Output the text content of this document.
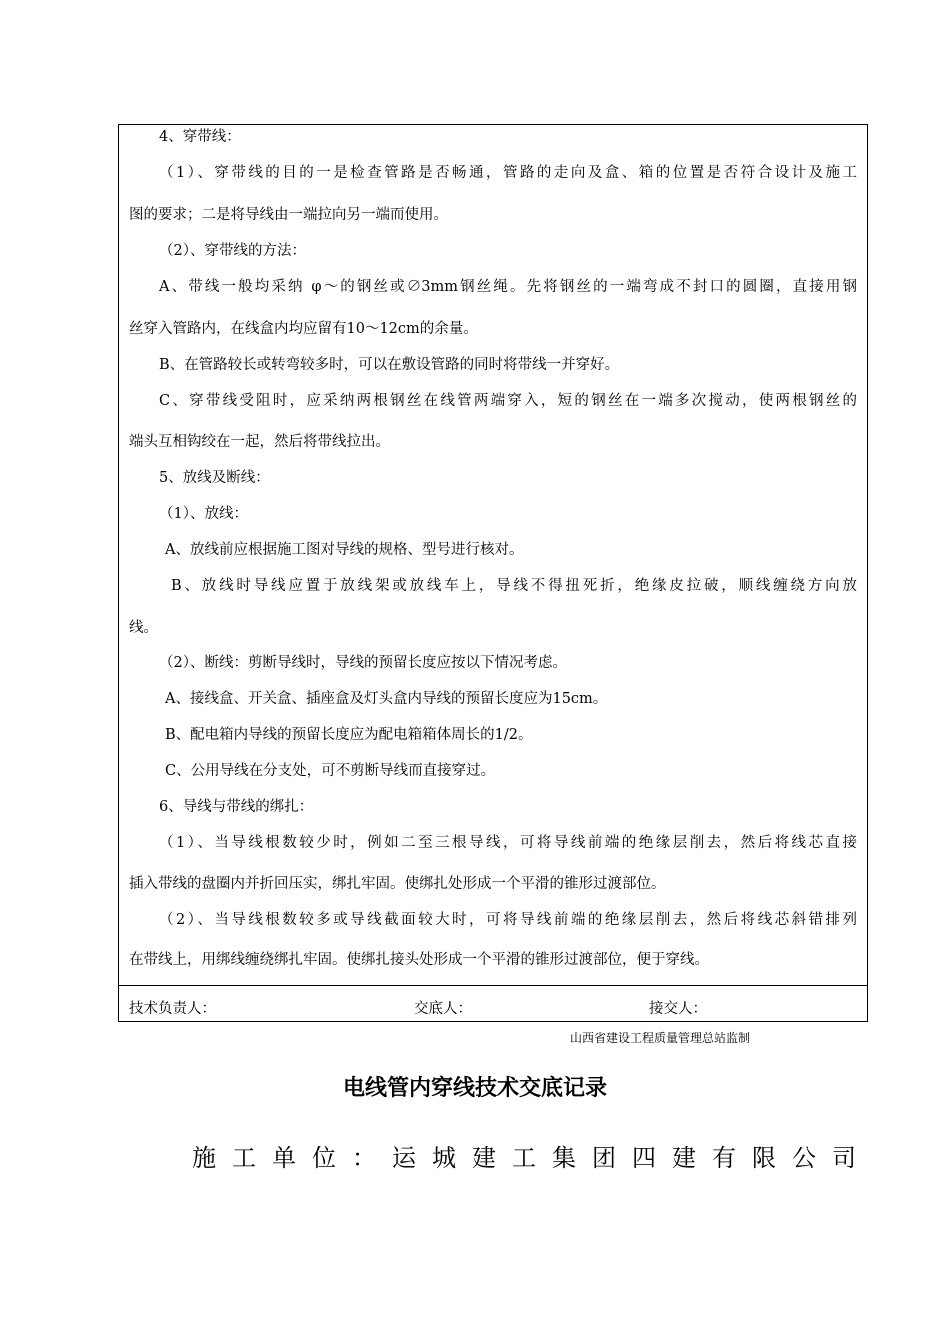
4、穿带线：
（1）、穿带线的目的一是检查管路是否畅通，管路的走向及盒、箱的位置是否符合设计及施工
图的要求；二是将导线由一端拉向另一端而使用。
（2）、穿带线的方法：
A、带线一般均采纳 φ～的钢丝或∅3mm钢丝绳。先将钢丝的一端弯成不封口的圆圈，直接用钢
丝穿入管路内，在线盒内均应留有10～12cm的余量。
B、在管路较长或转弯较多时，可以在敷设管路的同时将带线一并穿好。
C、穿带线受阻时，应采纳两根钢丝在线管两端穿入，短的钢丝在一端多次搅动，使两根钢丝的
端头互相钩绞在一起，然后将带线拉出。
5、放线及断线：
（1）、放线：
A、放线前应根据施工图对导线的规格、型号进行核对。
B、放线时导线应置于放线架或放线车上，导线不得扭死折，绝缘皮拉破，顺线缠绕方向放
线。
（2）、断线：剪断导线时，导线的预留长度应按以下情况考虑。
A、接线盒、开关盒、插座盒及灯头盒内导线的预留长度应为15cm。
B、配电箱内导线的预留长度应为配电箱箱体周长的1/2。
C、公用导线在分支处，可不剪断导线而直接穿过。
6、导线与带线的绑扎：
（1）、当导线根数较少时，例如二至三根导线，可将导线前端的绝缘层削去，然后将线芯直接
插入带线的盘圈内并折回压实，绑扎牢固。使绑扎处形成一个平滑的锥形过渡部位。
（2）、当导线根数较多或导线截面较大时，可将导线前端的绝缘层削去，然后将线芯斜错排列
在带线上，用绑线缠绕绑扎牢固。使绑扎接头处形成一个平滑的锥形过渡部位，便于穿线。
技术负责人：	交底人：	接交人：
山西省建设工程质量管理总站监制
电线管内穿线技术交底记录
施工单位：运城建工集团四建有限公司
